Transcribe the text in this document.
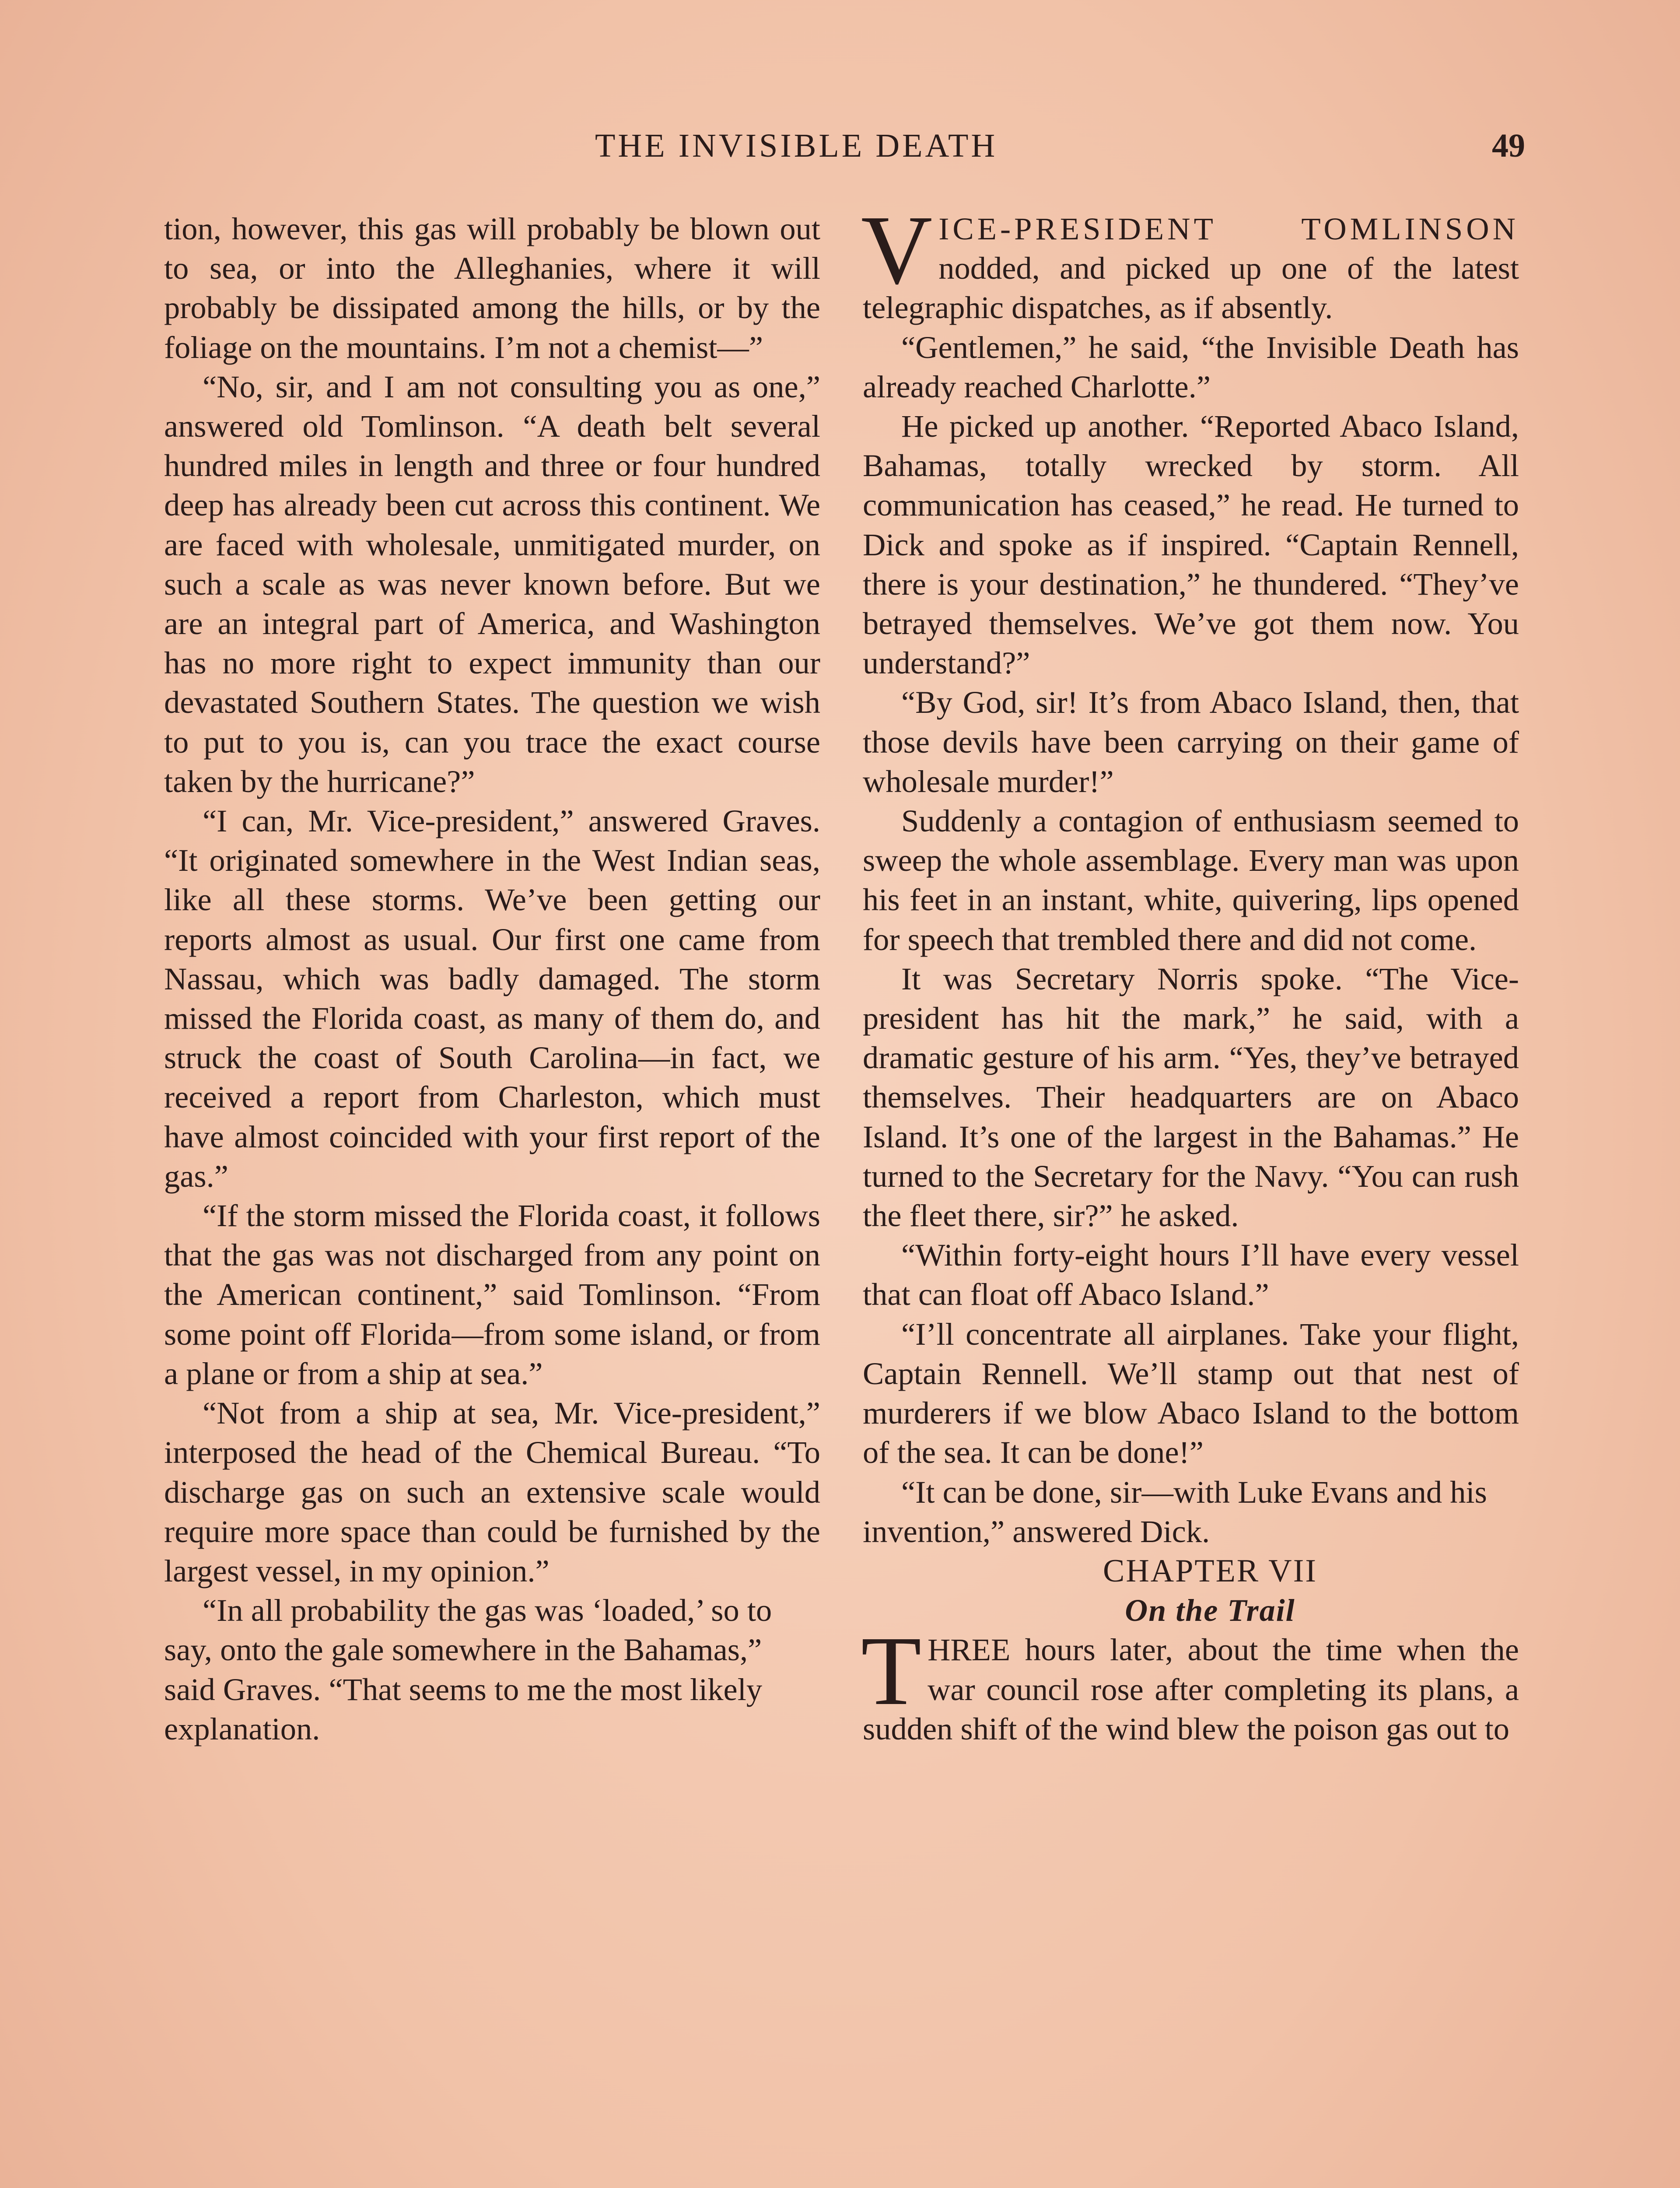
THE INVISIBLE DEATH	49

tion, however, this gas will probably be blown out to sea, or into the Alleghanies, where it will probably be dissipated among the hills, or by the foliage on the mountains. I’m not a chemist—”

“No, sir, and I am not consulting you as one,” answered old Tomlinson. “A death belt several hundred miles in length and three or four hundred deep has already been cut across this continent. We are faced with wholesale, unmitigated murder, on such a scale as was never known before. But we are an integral part of America, and Washington has no more right to expect immunity than our devastated Southern States. The question we wish to put to you is, can you trace the exact course taken by the hurricane?”

“I can, Mr. Vice-president,” answered Graves. “It originated somewhere in the West Indian seas, like all these storms. We’ve been getting our reports almost as usual. Our first one came from Nassau, which was badly damaged. The storm missed the Florida coast, as many of them do, and struck the coast of South Carolina—in fact, we received a report from Charleston, which must have almost coincided with your first report of the gas.”

“If the storm missed the Florida coast, it follows that the gas was not discharged from any point on the American continent,” said Tomlinson. “From some point off Florida—from some island, or from a plane or from a ship at sea.”

“Not from a ship at sea, Mr. Vice-president,” interposed the head of the Chemical Bureau. “To discharge gas on such an extensive scale would require more space than could be furnished by the largest vessel, in my opinion.”

“In all probability the gas was ‘loaded,’ so to say, onto the gale somewhere in the Bahamas,” said Graves. “That seems to me the most likely explanation.

VICE-PRESIDENT TOMLINSON nodded, and picked up one of the latest telegraphic dispatches, as if absently.

“Gentlemen,” he said, “the Invisible Death has already reached Charlotte.”

He picked up another. “Reported Abaco Island, Bahamas, totally wrecked by storm. All communication has ceased,” he read. He turned to Dick and spoke as if inspired. “Captain Rennell, there is your destination,” he thundered. “They’ve betrayed themselves. We’ve got them now. You understand?”

“By God, sir! It’s from Abaco Island, then, that those devils have been carrying on their game of wholesale murder!”

Suddenly a contagion of enthusiasm seemed to sweep the whole assemblage. Every man was upon his feet in an instant, white, quivering, lips opened for speech that trembled there and did not come.

It was Secretary Norris spoke. “The Vice-president has hit the mark,” he said, with a dramatic gesture of his arm. “Yes, they’ve betrayed themselves. Their headquarters are on Abaco Island. It’s one of the largest in the Bahamas.” He turned to the Secretary for the Navy. “You can rush the fleet there, sir?” he asked.

“Within forty-eight hours I’ll have every vessel that can float off Abaco Island.”

“I’ll concentrate all airplanes. Take your flight, Captain Rennell. We’ll stamp out that nest of murderers if we blow Abaco Island to the bottom of the sea. It can be done!”

“It can be done, sir—with Luke Evans and his invention,” answered Dick.

CHAPTER VII

On the Trail

THREE hours later, about the time when the war council rose after completing its plans, a sudden shift of the wind blew the poison gas out to
